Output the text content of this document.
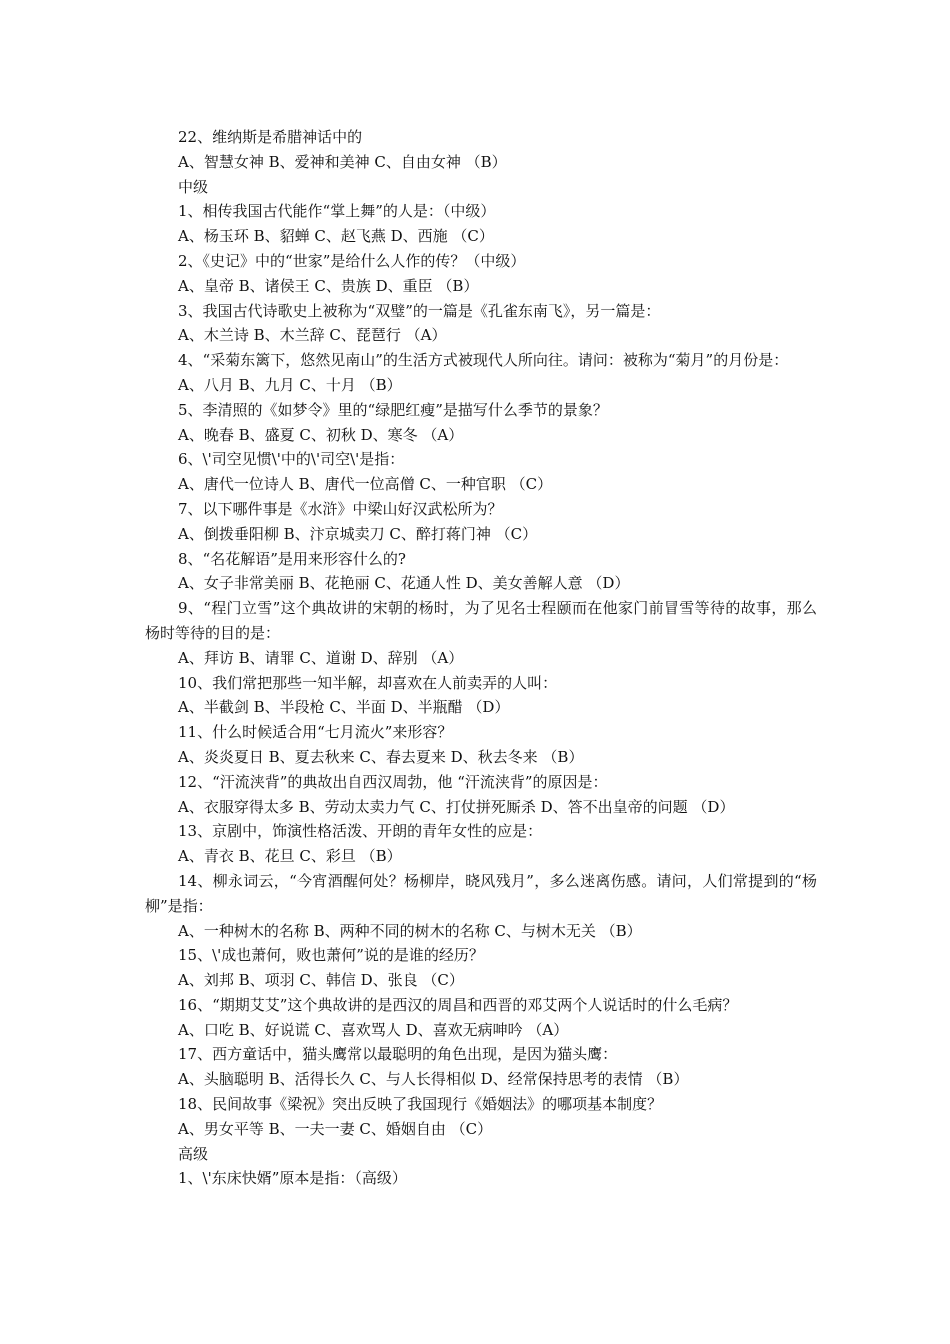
22、维纳斯是希腊神话中的
A、智慧女神 B、爱神和美神 C、自由女神 （B）
中级
1、相传我国古代能作“掌上舞”的人是：（中级）
A、杨玉环 B、貂蝉 C、赵飞燕 D、西施 （C）
2、《史记》中的“世家”是给什么人作的传？（中级）
A、皇帝 B、诸侯王 C、贵族 D、重臣 （B）
3、我国古代诗歌史上被称为“双璧”的一篇是《孔雀东南飞》，另一篇是：
A、木兰诗 B、木兰辞 C、琵琶行 （A）
4、“采菊东篱下，悠然见南山”的生活方式被现代人所向往。请问：被称为“菊月”的月份是：
A、八月 B、九月 C、十月 （B）
5、李清照的《如梦令》里的“绿肥红瘦”是描写什么季节的景象？
A、晚春 B、盛夏 C、初秋 D、寒冬 （A）
6、\'司空见惯\'中的\'司空\'是指：
A、唐代一位诗人 B、唐代一位高僧 C、一种官职 （C）
7、以下哪件事是《水浒》中梁山好汉武松所为？
A、倒拨垂阳柳 B、汴京城卖刀 C、醉打蒋门神 （C）
8、“名花解语”是用来形容什么的?
A、女子非常美丽 B、花艳丽 C、花通人性 D、美女善解人意 （D）
9、“程门立雪”这个典故讲的宋朝的杨时，为了见名士程颐而在他家门前冒雪等待的故事，那么杨时等待的目的是：
A、拜访 B、请罪 C、道谢 D、辞别 （A）
10、我们常把那些一知半解，却喜欢在人前卖弄的人叫：
A、半截剑 B、半段枪 C、半面 D、半瓶醋 （D）
11、什么时候适合用“七月流火”来形容？
A、炎炎夏日 B、夏去秋来 C、春去夏来 D、秋去冬来 （B）
12、“汗流浃背”的典故出自西汉周勃，他 “汗流浃背”的原因是：
A、衣服穿得太多 B、劳动太卖力气 C、打仗拼死厮杀 D、答不出皇帝的问题 （D）
13、京剧中，饰演性格活泼、开朗的青年女性的应是：
A、青衣 B、花旦 C、彩旦 （B）
14、柳永词云，“今宵酒醒何处？杨柳岸，晓风残月”，多么迷离伤感。请问，人们常提到的“杨柳”是指：
A、一种树木的名称 B、两种不同的树木的名称 C、与树木无关 （B）
15、\'成也萧何，败也萧何”说的是谁的经历？
A、刘邦 B、项羽 C、韩信 D、张良 （C）
16、“期期艾艾”这个典故讲的是西汉的周昌和西晋的邓艾两个人说话时的什么毛病？
A、口吃 B、好说谎 C、喜欢骂人 D、喜欢无病呻吟 （A）
17、西方童话中，猫头鹰常以最聪明的角色出现，是因为猫头鹰：
A、头脑聪明 B、活得长久 C、与人长得相似 D、经常保持思考的表情 （B）
18、民间故事《梁祝》突出反映了我国现行《婚姻法》的哪项基本制度？
A、男女平等 B、一夫一妻 C、婚姻自由 （C）
高级
1、\'东床快婿”原本是指：（高级）
